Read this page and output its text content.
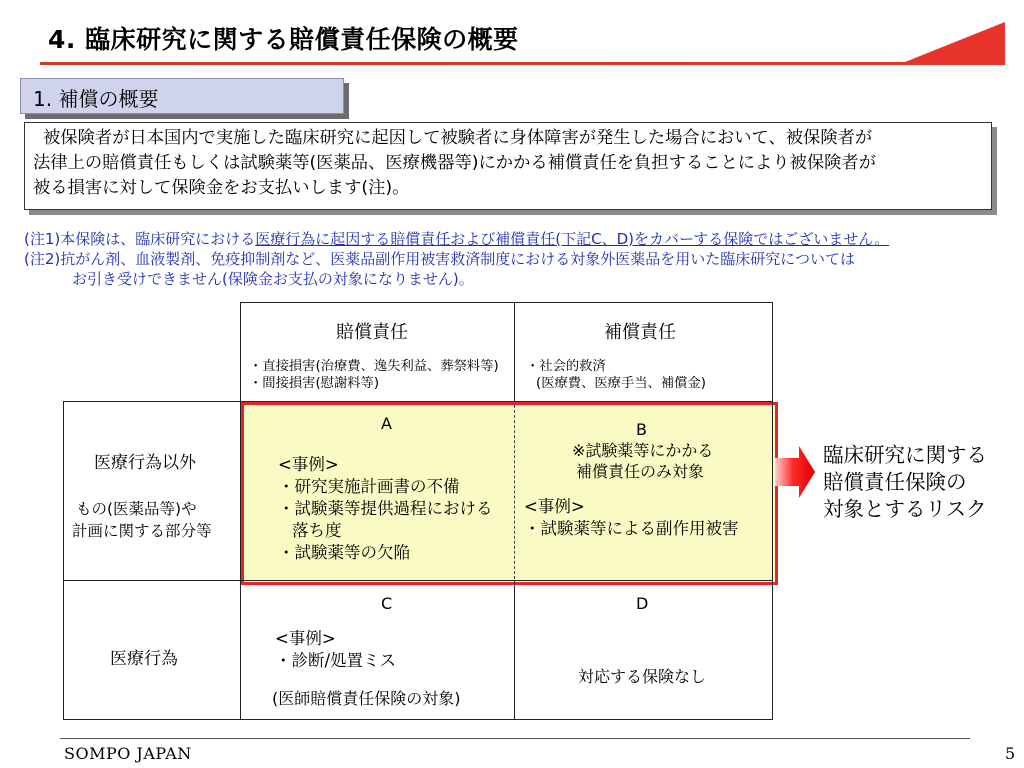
4. 臨床研究に関する賠償責任保険の概要
1. 補償の概要
被保険者が日本国内で実施した臨床研究に起因して被験者に身体障害が発生した場合において、被保険者が
法律上の賠償責任もしくは試験薬等(医薬品、医療機器等)にかかる補償責任を負担することにより被保険者が
被る損害に対して保険金をお支払いします(注)。
(注1)本保険は、臨床研究における医療行為に起因する賠償責任および補償責任(下記C、D)をカバーする保険ではございません。
(注2)抗がん剤、血液製剤、免疫抑制剤など、医薬品副作用被害救済制度における対象外医薬品を用いた臨床研究については
お引き受けできません(保険金お支払の対象になりません)。
賠償責任
・直接損害(治療費、逸失利益、葬祭料等)
・間接損害(慰謝料等)
補償責任
・社会的救済
(医療費、医療手当、補償金)
医療行為以外
もの(医薬品等)や
計画に関する部分等
医療行為
A
<事例>
・研究実施計画書の不備
・試験薬等提供過程における
落ち度
・試験薬等の欠陥
B
※試験薬等にかかる
補償責任のみ対象
<事例>
・試験薬等による副作用被害
C
<事例>
・診断/処置ミス
(医師賠償責任保険の対象)
D
対応する保険なし
臨床研究に関する
賠償責任保険の
対象とするリスク
SOMPO JAPAN	5
